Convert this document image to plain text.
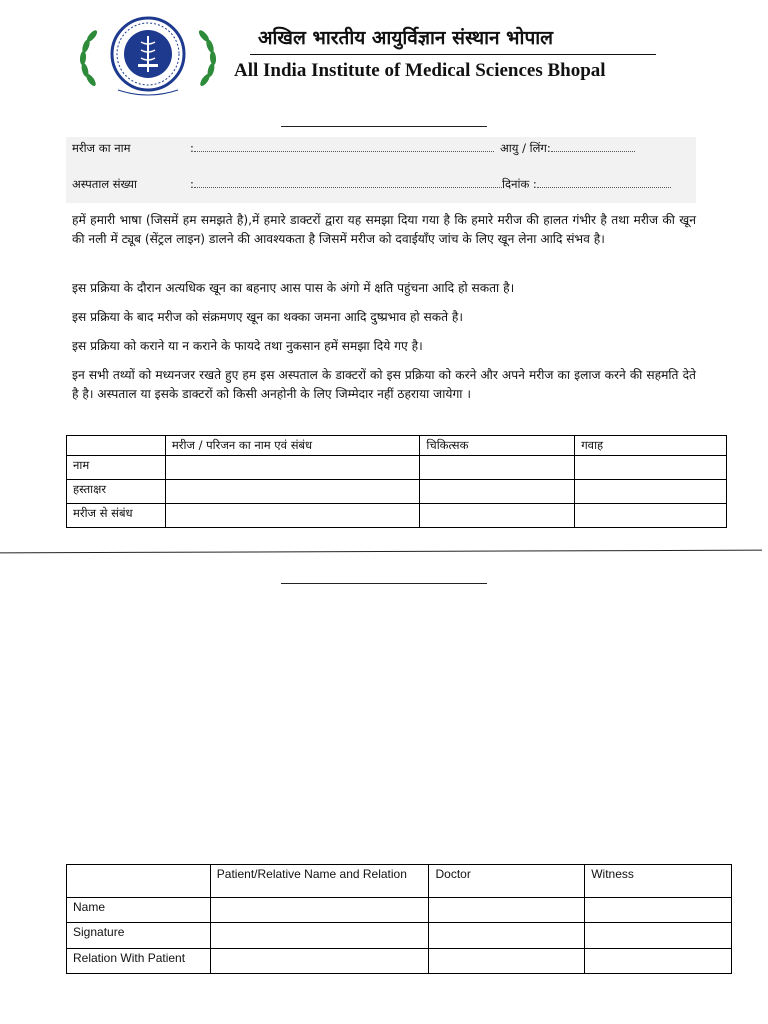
अखिल भारतीय आयुर्विज्ञान संस्थान भोपाल
All India Institute of Medical Sciences Bhopal
मरीज का नाम	:	आयु / लिंग:
अस्पताल संख्या	:	दिनांक :
हमें हमारी भाषा (जिसमें हम समझते है),में हमारे डाक्टरों द्वारा यह समझा दिया गया है कि हमारे मरीज की हालत गंभीर है तथा मरीज की खून की नली में ट्यूब (सेंट्रल लाइन) डालने की आवश्यकता है जिसमें मरीज को दवाईयाँए जांच के लिए खून लेना आदि संभव है।
इस प्रक्रिया के दौरान अत्यधिक खून का बहनाए आस पास के अंगो में क्षति पहुंचना आदि हो सकता है।
इस प्रक्रिया के बाद मरीज को संक्रमणए खून का थक्का जमना आदि दुष्प्रभाव हो सकते है।
इस प्रक्रिया को कराने या न कराने के फायदे तथा नुकसान हमें समझा दिये गए है।
इन सभी तथ्यों को मध्यनजर रखते हुए हम इस अस्पताल के डाक्टरों को इस प्रक्रिया को करने और अपने मरीज का इलाज करने की सहमति देते है है। अस्पताल या इसके डाक्टरों को किसी अनहोनी के लिए जिम्मेदार नहीं ठहराया जायेगा ।
	मरीज / परिजन का नाम एवं संबंध	चिकित्सक	गवाह
नाम			
हस्ताक्षर			
मरीज से संबंध			
	Patient/Relative Name and Relation	Doctor	Witness
Name			
Signature			
Relation With Patient			
